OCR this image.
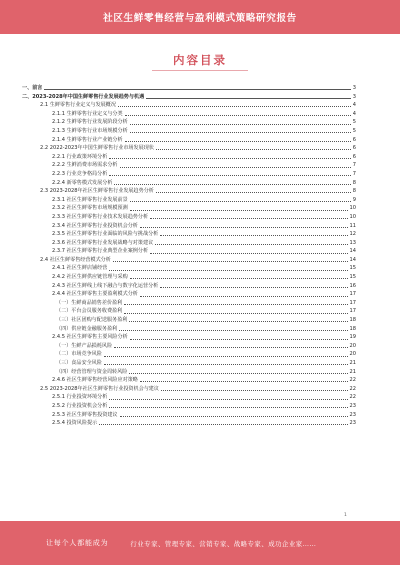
社区生鲜零售经营与盈利模式策略研究报告
内容目录
一、前言	3
二、2023-2028年中国生鲜零售行业发展趋势与机遇	3
2.1 生鲜零售行业定义与发展概况	4
2.1.1 生鲜零售行业定义与分类	4
2.1.2 生鲜零售行业发展阶段分析	5
2.1.3 生鲜零售行业市场规模分析	5
2.1.4 生鲜零售行业产业链分析	6
2.2 2022-2023年中国生鲜零售行业市场发展现状	6
2.2.1 行业政策环境分析	6
2.2.2 生鲜消费市场需求分析	7
2.2.3 行业竞争格局分析	7
2.2.4 新零售模式发展分析	8
2.3 2023-2028年社区生鲜零售行业发展趋势分析	8
2.3.1 社区生鲜零售行业发展前景	9
2.3.2 社区生鲜零售市场规模预测	10
2.3.3 社区生鲜零售行业技术发展趋势分析	10
2.3.4 社区生鲜零售行业投资机会分析	11
2.3.5 社区生鲜零售行业面临的风险与挑战分析	12
2.3.6 社区生鲜零售行业发展战略与对策建议	13
2.3.7 社区生鲜零售行业典型企业案例分析	14
2.4 社区生鲜零售经营模式分析	14
2.4.1 社区生鲜店铺经营	15
2.4.2 社区生鲜供应链管理与采购	15
2.4.3 社区生鲜线上线下融合与数字化运营分析	16
2.4.4 社区生鲜零售主要盈利模式分析	17
（一）生鲜商品销售差价盈利	17
（二）平台会员服务收费盈利	17
（三）社区团购与配送服务盈利	18
（四）供应链金融服务盈利	18
2.4.5 社区生鲜零售主要风险分析	19
（一）生鲜产品损耗风险	20
（二）市场竞争风险	20
（三）食品安全风险	21
（四）经营管理与资金周转风险	21
2.4.6 社区生鲜零售经营风险应对策略	22
2.5 2023-2028年社区生鲜零售行业投资机会与建议	22
2.5.1 行业投资环境分析	22
2.5.2 行业投资机会分析	23
2.5.3 社区生鲜零售投资建议	23
2.5.4 投资风险提示	23
1
让每个人都能成为	行业专家、管理专家、营销专家、战略专家、成功企业家……
